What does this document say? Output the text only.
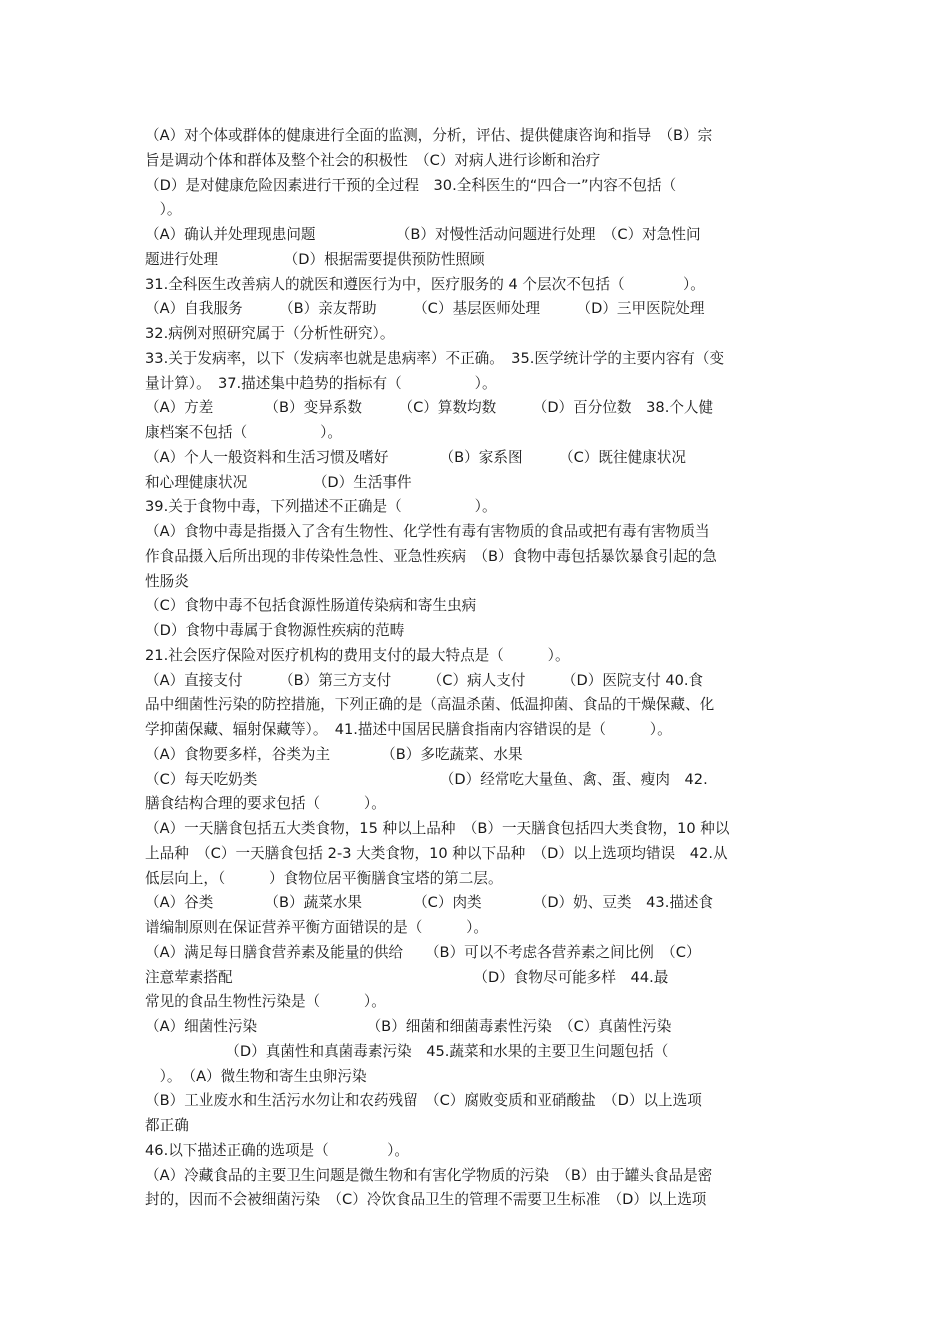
（A）对个体或群体的健康进行全面的监测，分析，评估、提供健康咨询和指导　（B）宗
旨是调动个体和群体及整个社会的积极性　（C）对病人进行诊断和治疗
（D）是对健康危险因素进行干预的全过程　30.全科医生的“四合一”内容不包括（
　）。
（A）确认并处理现患问题　　　　　　（B）对慢性活动问题进行处理　（C）对急性问
题进行处理　　　　　（D）根据需要提供预防性照顾
31.全科医生改善病人的就医和遵医行为中，医疗服务的 4 个层次不包括（　　　　）。
（A）自我服务　　　（B）亲友帮助　　　（C）基层医师处理　　　（D）三甲医院处理
32.病例对照研究属于（分析性研究）。
33.关于发病率，以下（发病率也就是患病率）不正确。　35.医学统计学的主要内容有（变
量计算）。　37.描述集中趋势的指标有（　　　　　）。
（A）方差　　　　（B）变异系数　　　（C）算数均数　　　（D）百分位数　38.个人健
康档案不包括（　　　　　）。
（A）个人一般资料和生活习惯及嗜好　　　　（B）家系图　　　（C）既往健康状况
和心理健康状况　　　　　（D）生活事件
39.关于食物中毒，下列描述不正确是（　　　　　）。
（A）食物中毒是指摄入了含有生物性、化学性有毒有害物质的食品或把有毒有害物质当
作食品摄入后所出现的非传染性急性、亚急性疾病　（B）食物中毒包括暴饮暴食引起的急
性肠炎
（C）食物中毒不包括食源性肠道传染病和寄生虫病
（D）食物中毒属于食物源性疾病的范畴
21.社会医疗保险对医疗机构的费用支付的最大特点是（　　　）。
（A）直接支付　　　（B）第三方支付　　　（C）病人支付　　　（D）医院支付 40.食
品中细菌性污染的防控措施，下列正确的是（高温杀菌、低温抑菌、食品的干燥保藏、化
学抑菌保藏、辐射保藏等）。　41.描述中国居民膳食指南内容错误的是（　　　）。
（A）食物要多样，谷类为主　　　　（B）多吃蔬菜、水果
（C）每天吃奶类　　　　　　　　　　　　　（D）经常吃大量鱼、禽、蛋、瘦肉　42.
膳食结构合理的要求包括（　　　）。
（A）一天膳食包括五大类食物，15 种以上品种　（B）一天膳食包括四大类食物，10 种以
上品种　（C）一天膳食包括 2-3 大类食物，10 种以下品种　（D）以上选项均错误　42.从
低层向上，（　　　）食物位居平衡膳食宝塔的第二层。
（A）谷类　　　　（B）蔬菜水果　　　　（C）肉类　　　　（D）奶、豆类　43.描述食
谱编制原则在保证营养平衡方面错误的是（　　　）。
（A）满足每日膳食营养素及能量的供给　　（B）可以不考虑各营养素之间比例　（C）
注意荤素搭配　　　　　　　　　　　　　　　　　（D）食物尽可能多样　44.最
常见的食品生物性污染是（　　　）。
（A）细菌性污染　　　　　　　　（B）细菌和细菌毒素性污染　（C）真菌性污染
　　　　　　（D）真菌性和真菌毒素污染　45.蔬菜和水果的主要卫生问题包括（
　）。　（A）微生物和寄生虫卵污染
（B）工业废水和生活污水勿让和农药残留　（C）腐败变质和亚硝酸盐　（D）以上选项
都正确
46.以下描述正确的选项是（　　　　）。
（A）冷藏食品的主要卫生问题是微生物和有害化学物质的污染　（B）由于罐头食品是密
封的，因而不会被细菌污染　（C）冷饮食品卫生的管理不需要卫生标准　（D）以上选项
